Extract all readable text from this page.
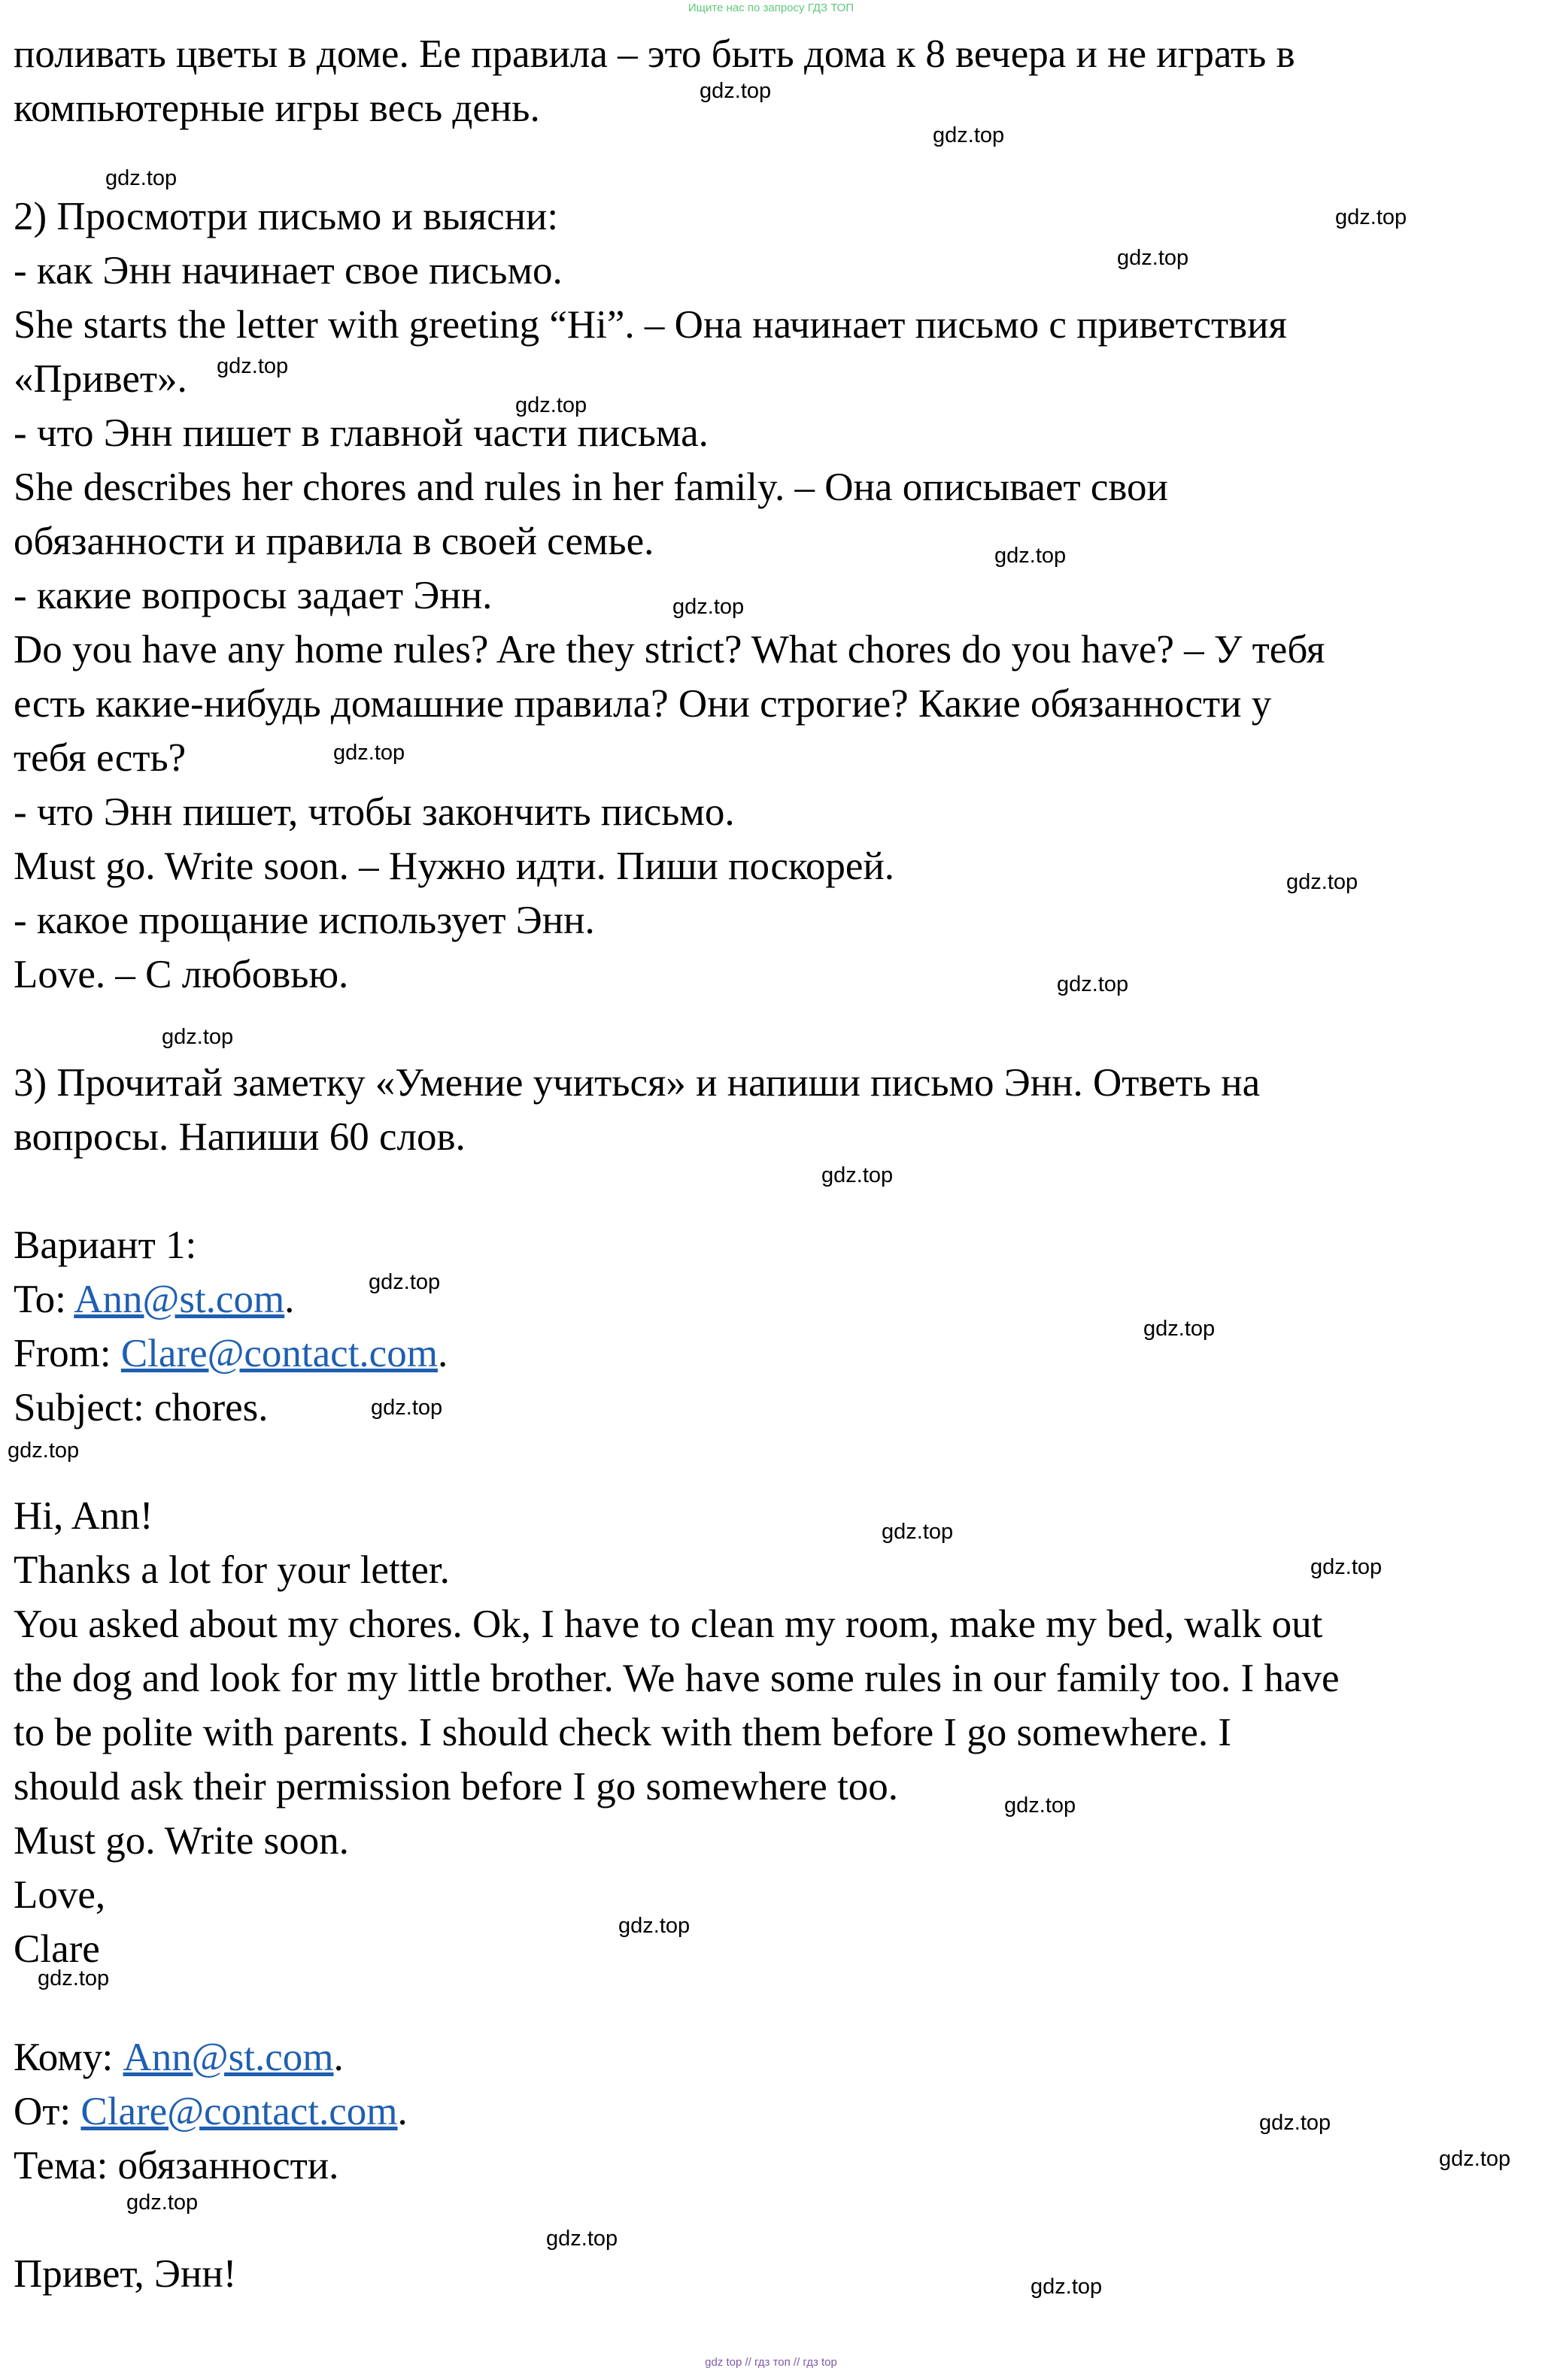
Ищите нас по запросу ГДЗ ТОП
поливать цветы в доме. Ее правила – это быть дома к 8 вечера и не играть в
компьютерные игры весь день.
2) Просмотри письмо и выясни:
- как Энн начинает свое письмо.
She starts the letter with greeting “Hi”. – Она начинает письмо с приветствия
«Привет».
- что Энн пишет в главной части письма.
She describes her chores and rules in her family. – Она описывает свои
обязанности и правила в своей семье.
- какие вопросы задает Энн.
Do you have any home rules? Are they strict? What chores do you have? – У тебя
есть какие-нибудь домашние правила? Они строгие? Какие обязанности у
тебя есть?
- что Энн пишет, чтобы закончить письмо.
Must go. Write soon. – Нужно идти. Пиши поскорей.
- какое прощание использует Энн.
Love. – С любовью.
3) Прочитай заметку «Умение учиться» и напиши письмо Энн. Ответь на
вопросы. Напиши 60 слов.
Вариант 1:
To: Ann@st.com.
From: Clare@contact.com.
Subject: chores.
Hi, Ann!
Thanks a lot for your letter.
You asked about my chores. Ok, I have to clean my room, make my bed, walk out
the dog and look for my little brother. We have some rules in our family too. I have
to be polite with parents. I should check with them before I go somewhere. I
should ask their permission before I go somewhere too.
Must go. Write soon.
Love,
Clare
Кому: Ann@st.com.
От: Clare@contact.com.
Тема: обязанности.
Привет, Энн!
gdz.top
gdz.top
gdz.top
gdz.top
gdz.top
gdz.top
gdz.top
gdz.top
gdz.top
gdz.top
gdz.top
gdz.top
gdz.top
gdz.top
gdz.top
gdz.top
gdz.top
gdz.top
gdz.top
gdz.top
gdz.top
gdz.top
gdz.top
gdz.top
gdz.top
gdz.top
gdz.top
gdz.top
gdz top // гдз топ // гдз top
